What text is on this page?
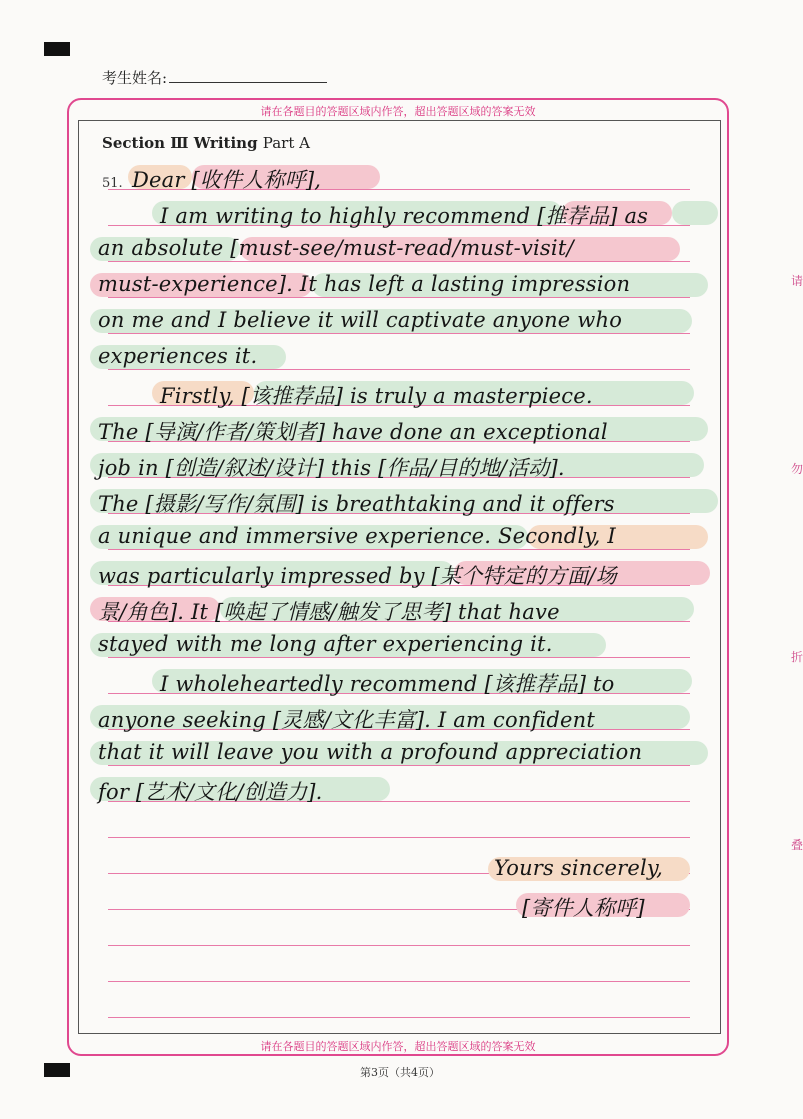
请
勿
折
叠
考生姓名:
请在各题目的答题区域内作答，超出答题区域的答案无效
请在各题目的答题区域内作答，超出答题区域的答案无效
Section Ⅲ Writing Part A
51. Dear [收件人称呼],
I am writing to highly recommend [推荐品] as
an absolute [must-see/must-read/must-visit/
must-experience]. It has left a lasting impression
on me and I believe it will captivate anyone who
experiences it.
Firstly, [该推荐品] is truly a masterpiece.
The [导演/作者/策划者] have done an exceptional
job in [创造/叙述/设计] this [作品/目的地/活动].
The [摄影/写作/氛围] is breathtaking and it offers
a unique and immersive experience. Secondly, I
was particularly impressed by [某个特定的方面/场
景/角色]. It [唤起了情感/触发了思考] that have
stayed with me long after experiencing it.
I wholeheartedly recommend [该推荐品] to
anyone seeking [灵感/文化丰富]. I am confident
that it will leave you with a profound appreciation
for [艺术/文化/创造力].
Yours sincerely,
[寄件人称呼]
第3页（共4页）
